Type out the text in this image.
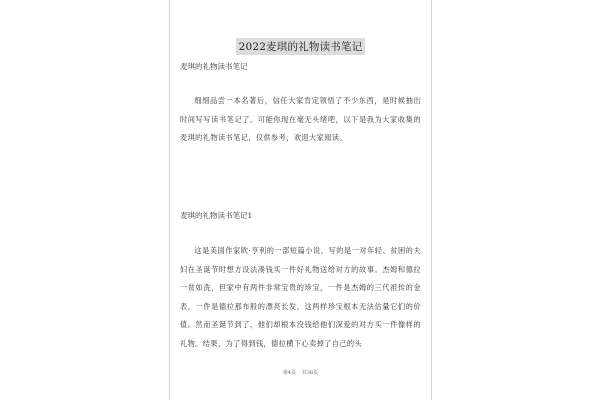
2022麦琪的礼物读书笔记
麦琪的礼物读书笔记

细细品尝一本名著后，信任大家肯定领悟了不少东西，是时候抽出时间写写读书笔记了。可能你现在毫无头绪吧，以下是我为大家收集的麦琪的礼物读书笔记，仅供参考，欢迎大家阅读。

麦琪的礼物读书笔记1

这是美国作家欧·亨利的一部短篇小说，写的是一对年轻、贫困的夫妇在圣诞节时想方设法凑钱买一件好礼物送给对方的故事。杰姆和德拉一贫如洗，但家中有两件非常宝贵的珍宝，一件是杰姆的三代祖传的金表，一件是德拉那布般的漂亮长发，这两样珍宝根本无法估量它们的价值。然而圣诞节到了，他们却根本没钱给他们深爱的对方买一件像样的礼物。结果，为了得到钱，德拉横下心卖掉了自己的头

第4页 共38页
